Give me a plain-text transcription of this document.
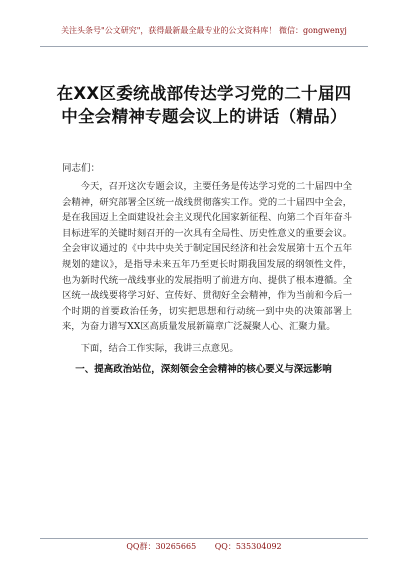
关注头条号"公文研究"，获得最新最全最专业的公文资料库！ 微信：gongwenyj
在XX区委统战部传达学习党的二十届四
中全会精神专题会议上的讲话（精品）
同志们：

今天，召开这次专题会议，主要任务是传达学习党的二十届四中全会精神，研究部署全区统一战线贯彻落实工作。党的二十届四中全会，是在我国迈上全面建设社会主义现代化国家新征程、向第二个百年奋斗目标进军的关键时刻召开的一次具有全局性、历史性意义的重要会议。全会审议通过的《中共中央关于制定国民经济和社会发展第十五个五年规划的建议》，是指导未来五年乃至更长时期我国发展的纲领性文件，也为新时代统一战线事业的发展指明了前进方向、提供了根本遵循。全区统一战线要将学习好、宣传好、贯彻好全会精神，作为当前和今后一个时期的首要政治任务，切实把思想和行动统一到中央的决策部署上来，为奋力谱写XX区高质量发展新篇章广泛凝聚人心、汇聚力量。

下面，结合工作实际，我讲三点意见。

一、提高政治站位，深刻领会全会精神的核心要义与深远影响

QQ群：30265665 QQ：535304092
